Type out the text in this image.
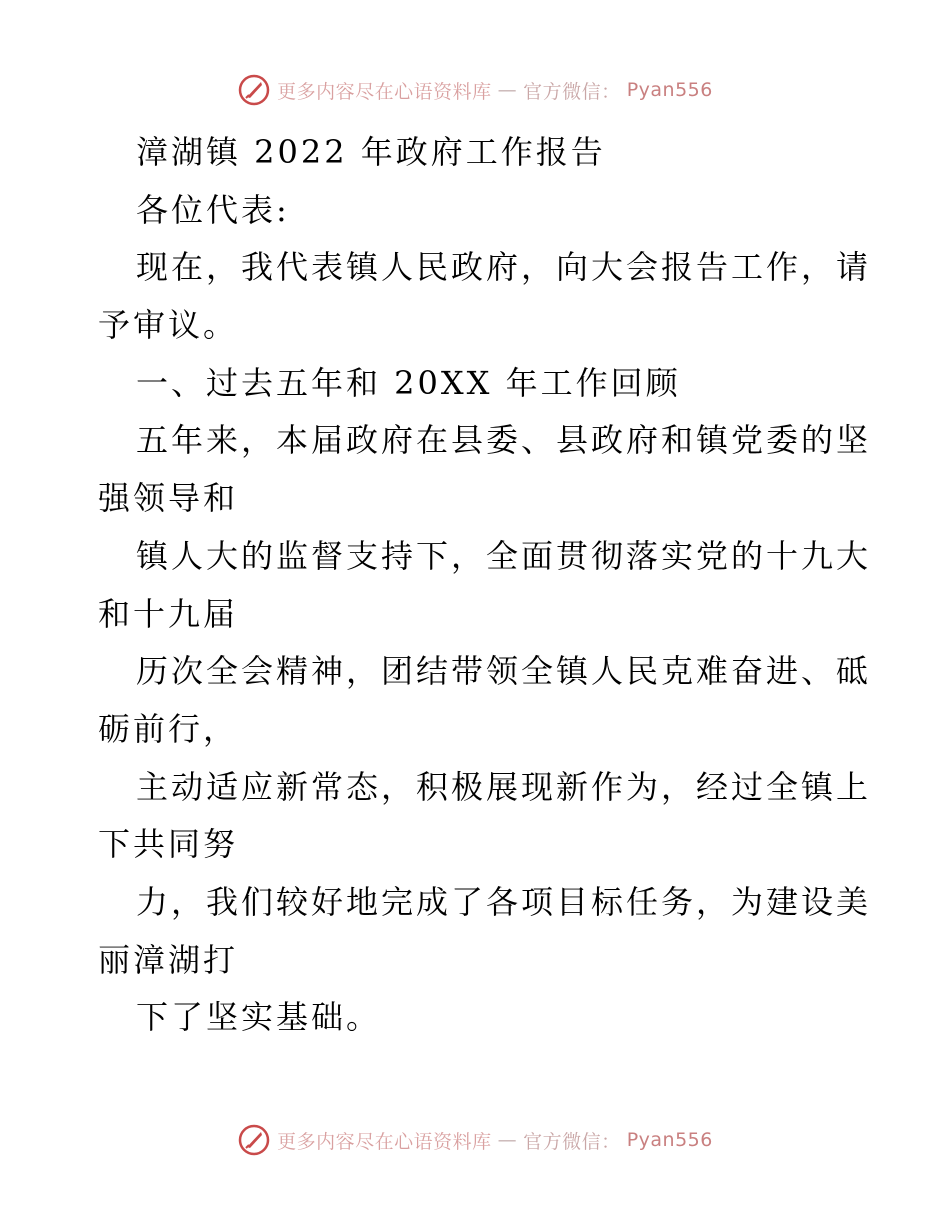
更多内容尽在心语资料库 — 官方微信： Pyan556
漳湖镇 2022 年政府工作报告
各位代表:
现在，我代表镇人民政府，向大会报告工作，请
予审议。
一、过去五年和 20XX 年工作回顾
五年来，本届政府在县委、县政府和镇党委的坚
强领导和
镇人大的监督支持下，全面贯彻落实党的十九大
和十九届
历次全会精神，团结带领全镇人民克难奋进、砥
砺前行，
主动适应新常态，积极展现新作为，经过全镇上
下共同努
力，我们较好地完成了各项目标任务，为建设美
丽漳湖打
下了坚实基础。
更多内容尽在心语资料库 — 官方微信： Pyan556
